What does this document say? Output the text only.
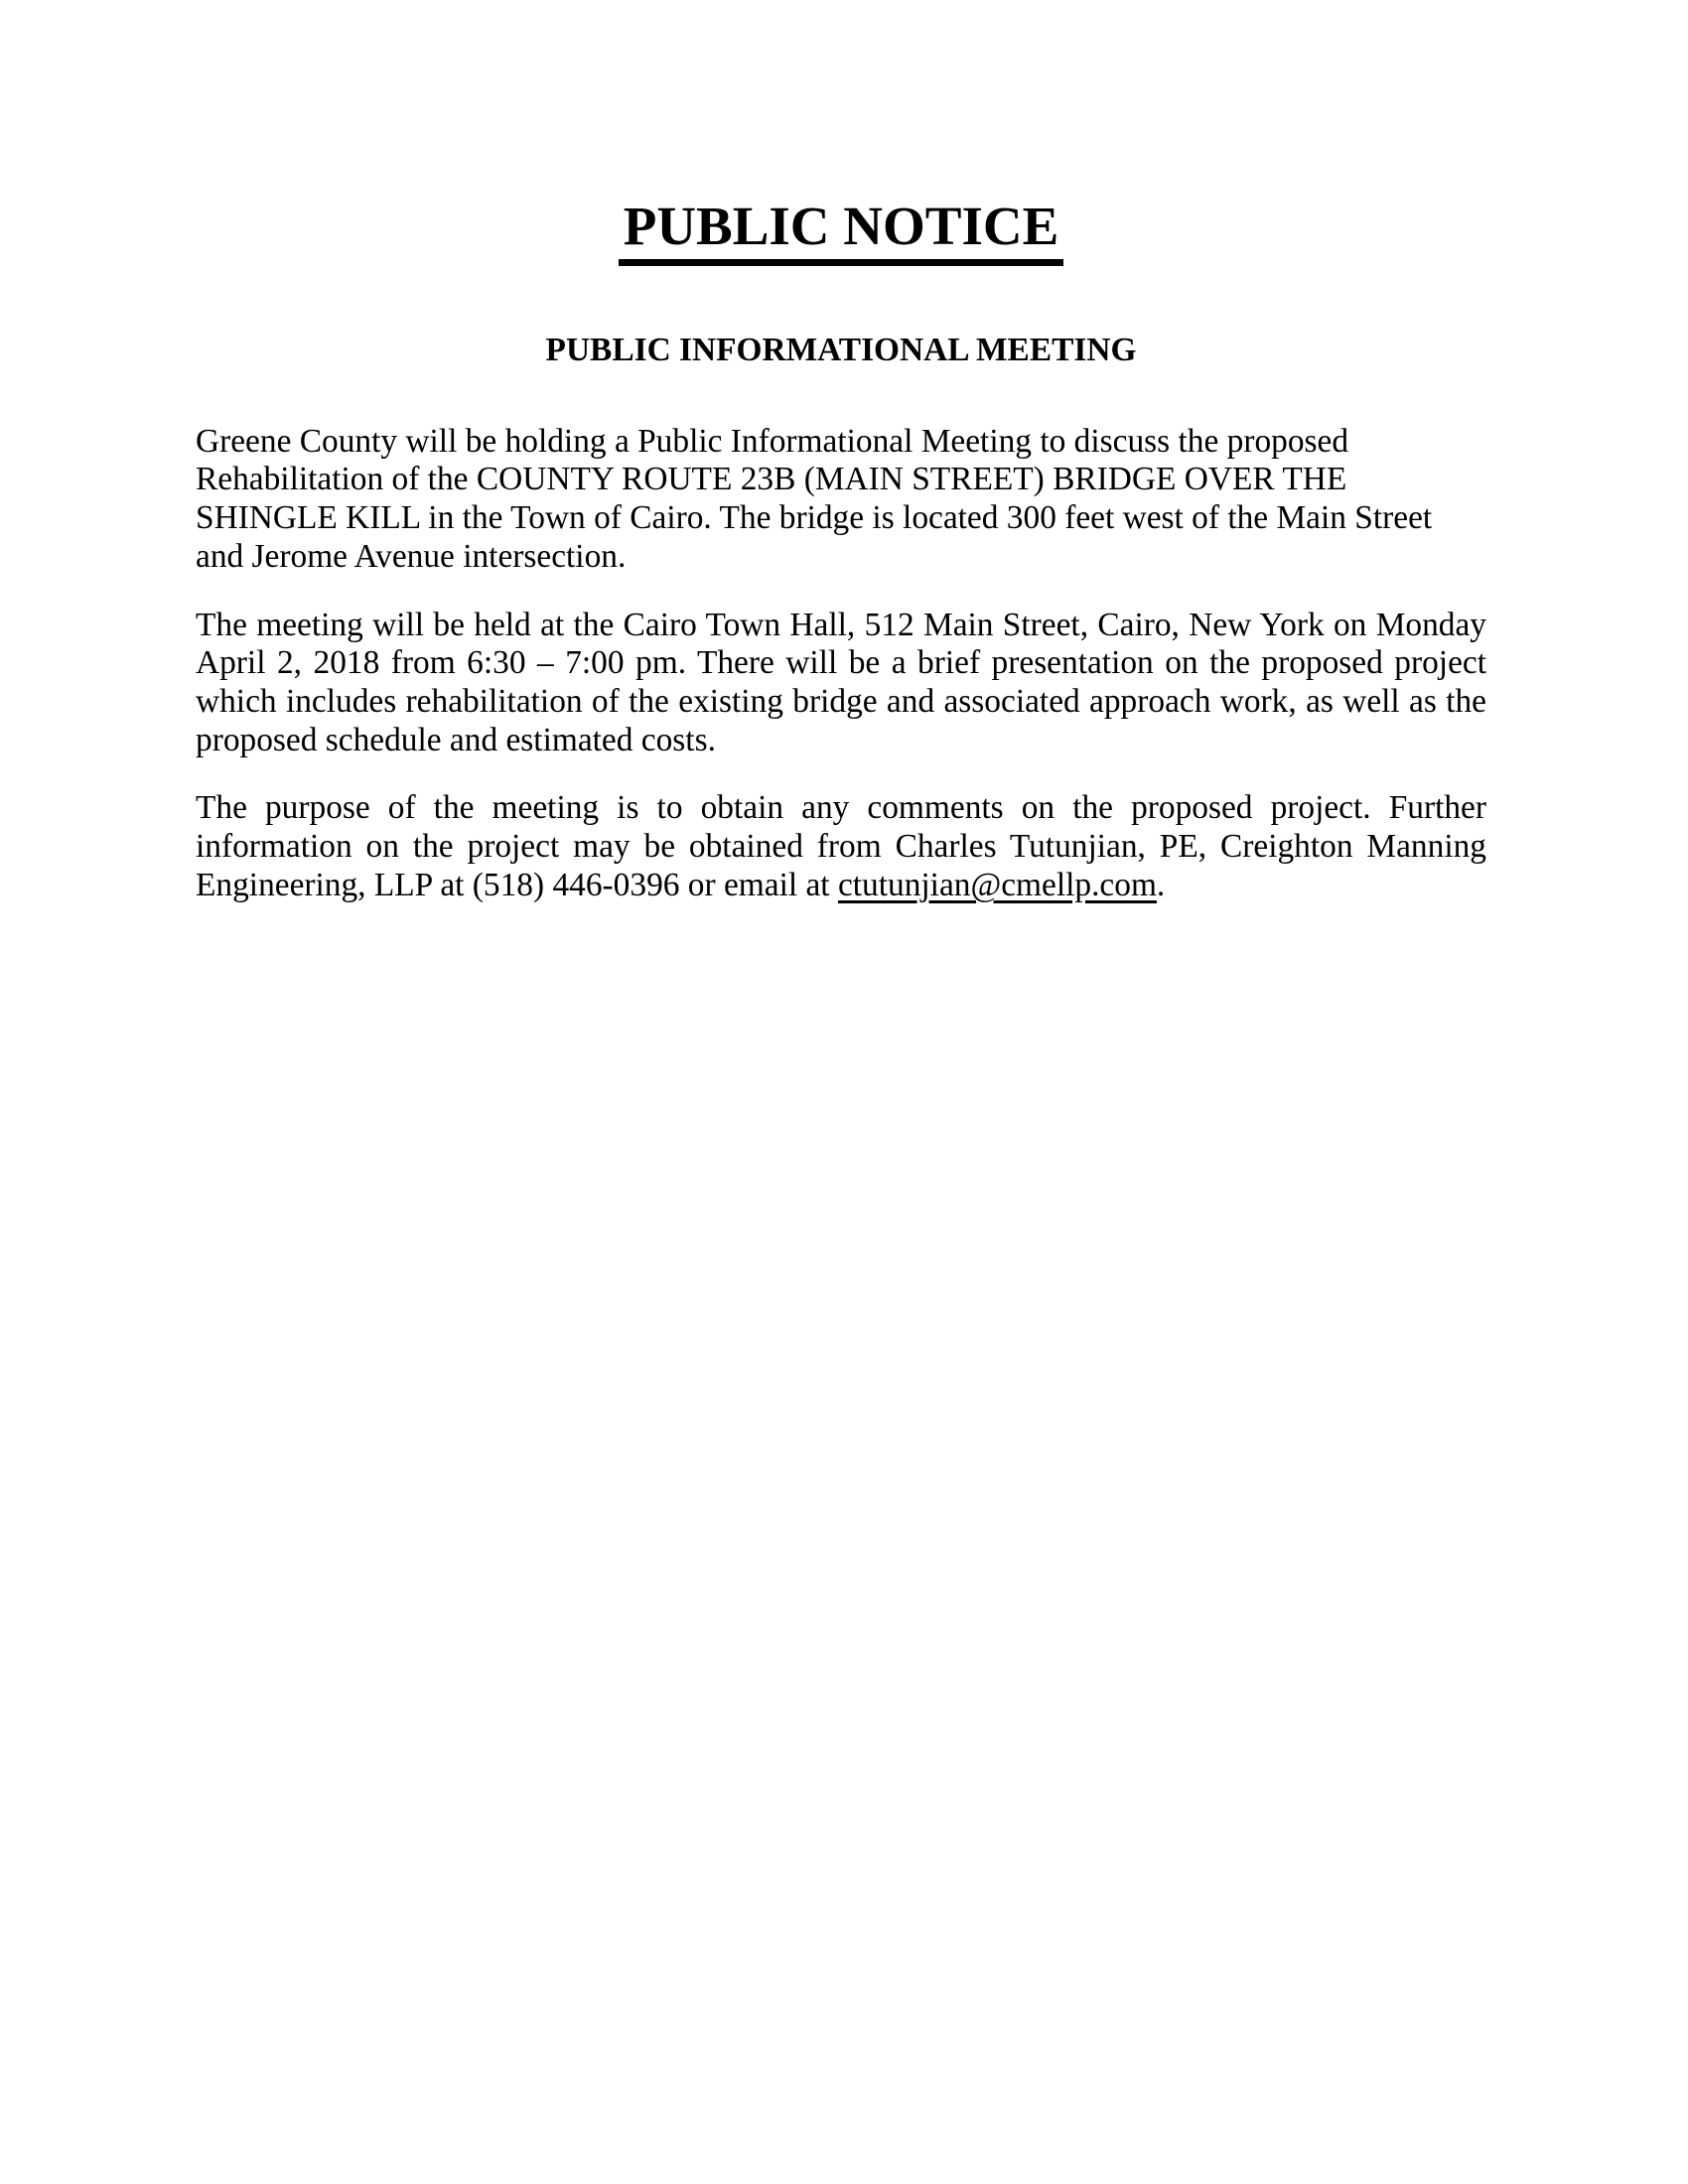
PUBLIC NOTICE
PUBLIC INFORMATIONAL MEETING
Greene County will be holding a Public Informational Meeting to discuss the proposed
Rehabilitation of the COUNTY ROUTE 23B (MAIN STREET) BRIDGE OVER THE
SHINGLE KILL in the Town of Cairo. The bridge is located 300 feet west of the Main Street
and Jerome Avenue intersection.
The meeting will be held at the Cairo Town Hall, 512 Main Street, Cairo, New York on Monday
April 2, 2018 from 6:30 – 7:00 pm. There will be a brief presentation on the proposed project
which includes rehabilitation of the existing bridge and associated approach work, as well as the
proposed schedule and estimated costs.
The purpose of the meeting is to obtain any comments on the proposed project. Further
information on the project may be obtained from Charles Tutunjian, PE, Creighton Manning
Engineering, LLP at (518) 446-0396 or email at ctutunjian@cmellp.com.
